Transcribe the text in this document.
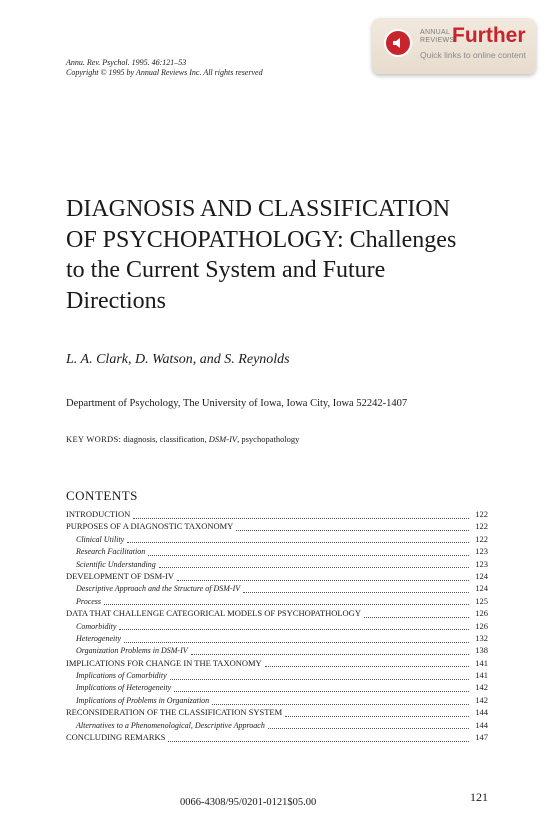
ANNUAL
REVIEWS
Further
Quick links to online content
Annu. Rev. Psychol. 1995. 46:121–53
Copyright © 1995 by Annual Reviews Inc. All rights reserved
DIAGNOSIS AND CLASSIFICATION
OF PSYCHOPATHOLOGY: Challenges
to the Current System and Future
Directions
L. A. Clark, D. Watson, and S. Reynolds
Department of Psychology, The University of Iowa, Iowa City, Iowa 52242-1407
KEY WORDS: diagnosis, classification, DSM-IV, psychopathology
CONTENTS
INTRODUCTION	122
PURPOSES OF A DIAGNOSTIC TAXONOMY	122
Clinical Utility	122
Research Facilitation	123
Scientific Understanding	123
DEVELOPMENT OF DSM-IV	124
Descriptive Approach and the Structure of DSM-IV	124
Process	125
DATA THAT CHALLENGE CATEGORICAL MODELS OF PSYCHOPATHOLOGY	126
Comorbidity	126
Heterogeneity	132
Organization Problems in DSM-IV	138
IMPLICATIONS FOR CHANGE IN THE TAXONOMY	141
Implications of Comorbidity	141
Implications of Heterogeneity	142
Implications of Problems in Organization	142
RECONSIDERATION OF THE CLASSIFICATION SYSTEM	144
Alternatives to a Phenomenological, Descriptive Approach	144
CONCLUDING REMARKS	147
0066-4308/95/0201-0121$05.00	121
